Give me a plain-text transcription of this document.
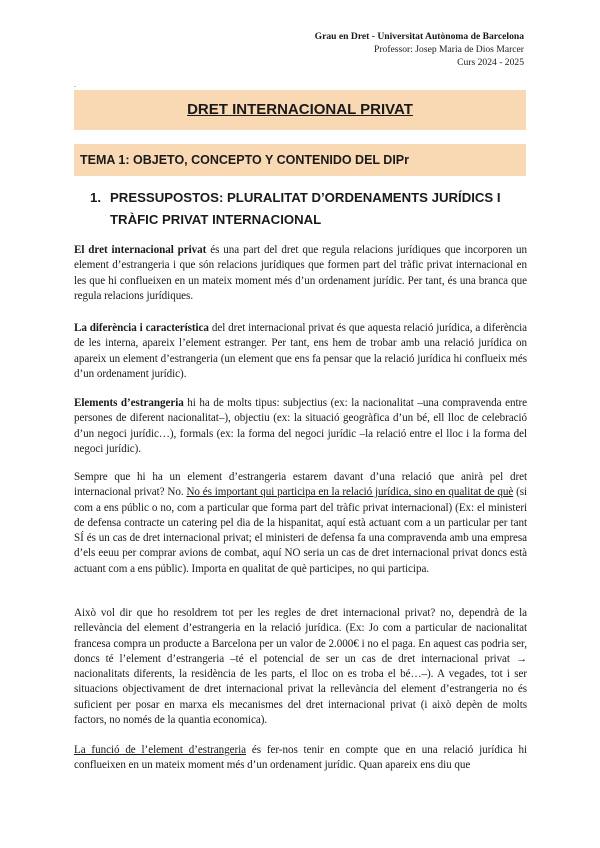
Grau en Dret - Universitat Autònoma de Barcelona
Professor: Josep Maria de Dios Marcer
Curs 2024 - 2025
.
DRET INTERNACIONAL PRIVAT
TEMA 1: OBJETO, CONCEPTO Y CONTENIDO DEL DIPr
1. PRESSUPOSTOS: PLURALITAT D’ORDENAMENTS JURÍDICS I TRÀFIC PRIVAT INTERNACIONAL

El dret internacional privat és una part del dret que regula relacions jurídiques que incorporen un element d’estrangeria i que són relacions jurídiques que formen part del tràfic privat internacional en les que hi conflueixen en un mateix moment més d’un ordenament jurídic. Per tant, és una branca que regula relacions jurídiques.

La diferència i característica del dret internacional privat és que aquesta relació jurídica, a diferència de les interna, apareix l’element estranger. Per tant, ens hem de trobar amb una relació jurídica on apareix un element d’estrangeria (un element que ens fa pensar que la relació jurídica hi conflueix més d’un ordenament jurídic).

Elements d’estrangeria hi ha de molts tipus: subjectius (ex: la nacionalitat –una compravenda entre persones de diferent nacionalitat–), objectiu (ex: la situació geogràfica d’un bé, ell lloc de celebració d’un negoci jurídic…), formals (ex: la forma del negoci jurídic –la relació entre el lloc i la forma del negoci jurídic).

Sempre que hi ha un element d’estrangeria estarem davant d’una relació que anirà pel dret internacional privat? No. No és important qui participa en la relació jurídica, sino en qualitat de què (si com a ens públic o no, com a particular que forma part del tràfic privat internacional) (Ex: el ministeri de defensa contracte un catering pel dia de la hispanitat, aquí està actuant com a un particular per tant SÍ és un cas de dret internacional privat; el ministeri de defensa fa una compravenda amb una empresa d’els eeuu per comprar avions de combat, aquí NO seria un cas de dret internacional privat doncs està actuant com a ens públic). Importa en qualitat de què participes, no qui participa.

Això vol dir que ho resoldrem tot per les regles de dret internacional privat? no, dependrà de la rellevància del element d’estrangeria en la relació jurídica. (Ex: Jo com a particular de nacionalitat francesa compra un producte a Barcelona per un valor de 2.000€ i no el paga. En aquest cas podria ser, doncs té l’element d’estrangeria –té el potencial de ser un cas de dret internacional privat → nacionalitats diferents, la residència de les parts, el lloc on es troba el bé…–). A vegades, tot i ser situacions objectivament de dret internacional privat la rellevància del element d’estrangeria no és suficient per posar en marxa els mecanismes del dret internacional privat (i això depèn de molts factors, no només de la quantia economica).

La funció de l’element d’estrangeria és fer-nos tenir en compte que en una relació jurídica hi conflueixen en un mateix moment més d’un ordenament jurídic. Quan apareix ens diu que
